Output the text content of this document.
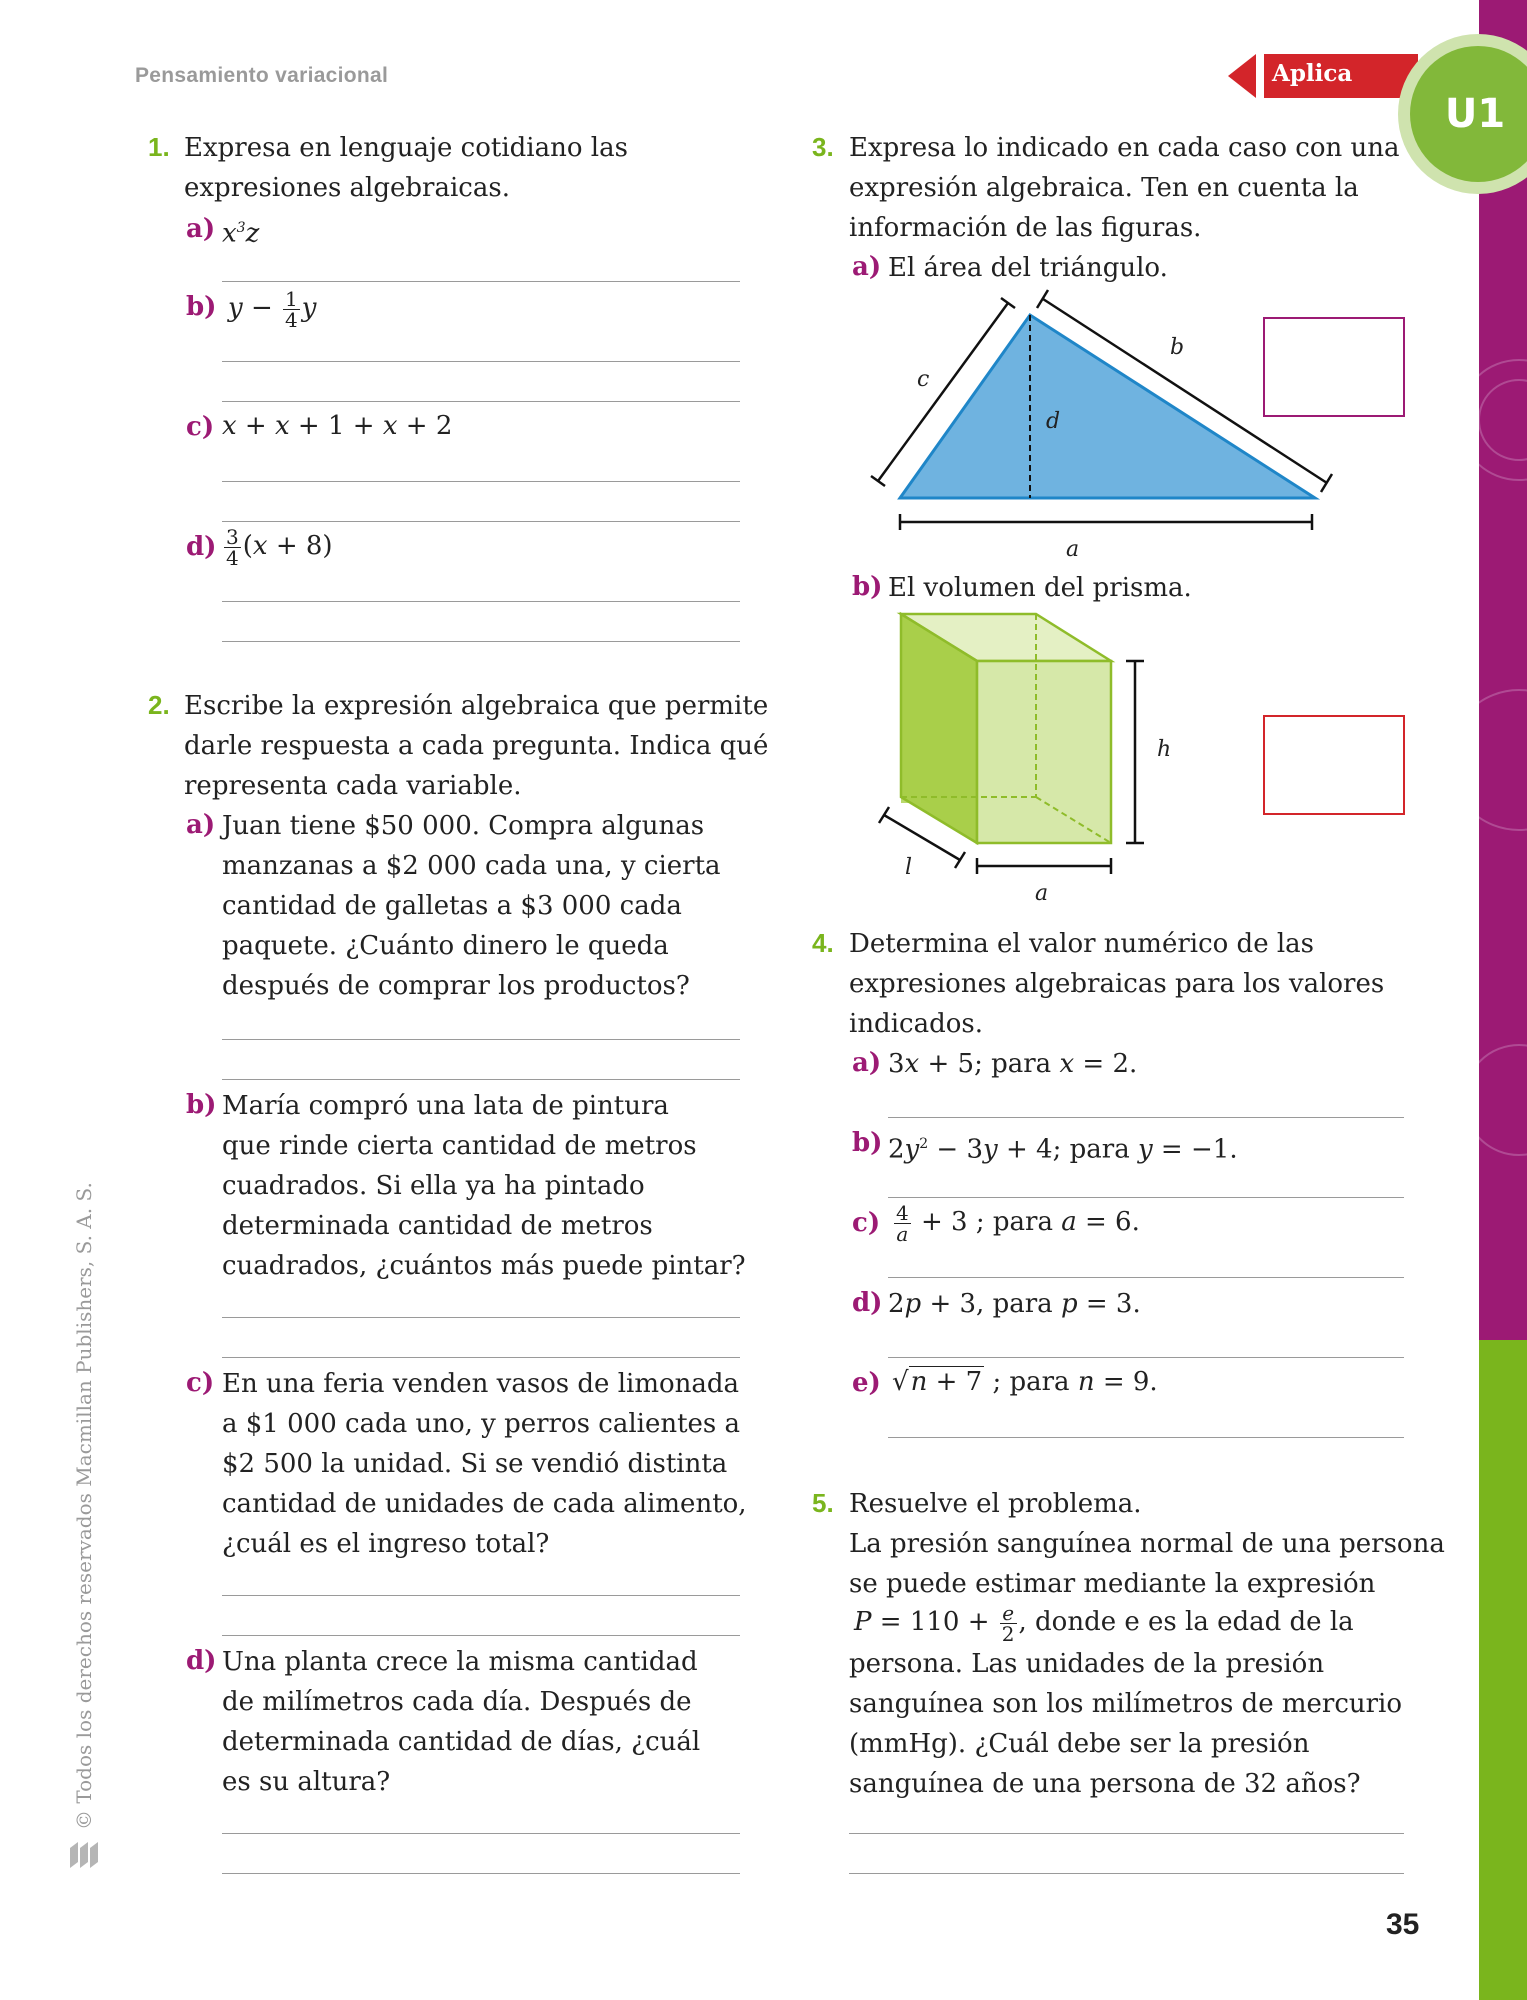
Pensamiento variacional	Aplica
U1
1. Expresa en lenguaje cotidiano las
expresiones algebraicas.
a) $x^3z$
b) $y - \frac{1}{4}$ y
c) x + x + 1 + x + 2
$d) \frac{3}{4} (x + 8)$
2. Escribe la expresión algebraica que permite
darle respuesta a cada pregunta. Indica qué
representa cada variable.
a) Juan tiene $50 000. Compra algunas
manzanas a $2 000 cada una, y cierta
cantidad de galletas a $3 000 cada
paquete. ¿Cuánto dinero le queda
después de comprar los productos?
b) María compró una lata de pintura
que rinde cierta cantidad de metros
cuadrados. Si ella ya ha pintado
determinada cantidad de metros
cuadrados, ¿cuántos más puede pintar?
c) En una feria venden vasos de limonada
a $1 000 cada uno, y perros calientes a
$2 500 la unidad. Si se vendió distinta
cantidad de unidades de cada alimento,
¿cuál es el ingreso total?
d) Una planta crece la misma cantidad
de milímetros cada día. Después de
determinada cantidad de días, ¿cuál
es su altura?
3. Expresa lo indicado en cada caso con una
expresión algebraica. Ten en cuenta la
información de las figuras.
a) El área del triángulo.
c
b
d
a
b) El volumen del prisma.
h
l
a
4. Determina el valor numérico de las
expresiones algebraicas para los valores
indicados.
a) 3x + 5; para x = 2.
b) $2y^2 - 3y + 4$; para y = −1.
$c) \frac{4}{a} + 3$ ; para a = 6.
d) 2p + 3, para p = 3.
e) √n + 7 ; para n = 9.
5. Resuelve el problema.
La presión sanguínea normal de una persona
se puede estimar mediante la expresión
$P = 110 + \frac{e}{2}$ , donde e es la edad de la
persona. Las unidades de la presión
sanguínea son los milímetros de mercurio
(mmHg). ¿Cuál debe ser la presión
sanguínea de una persona de 32 años?
35
© Todos los derechos reservados Macmillan Publishers, S. A. S.
